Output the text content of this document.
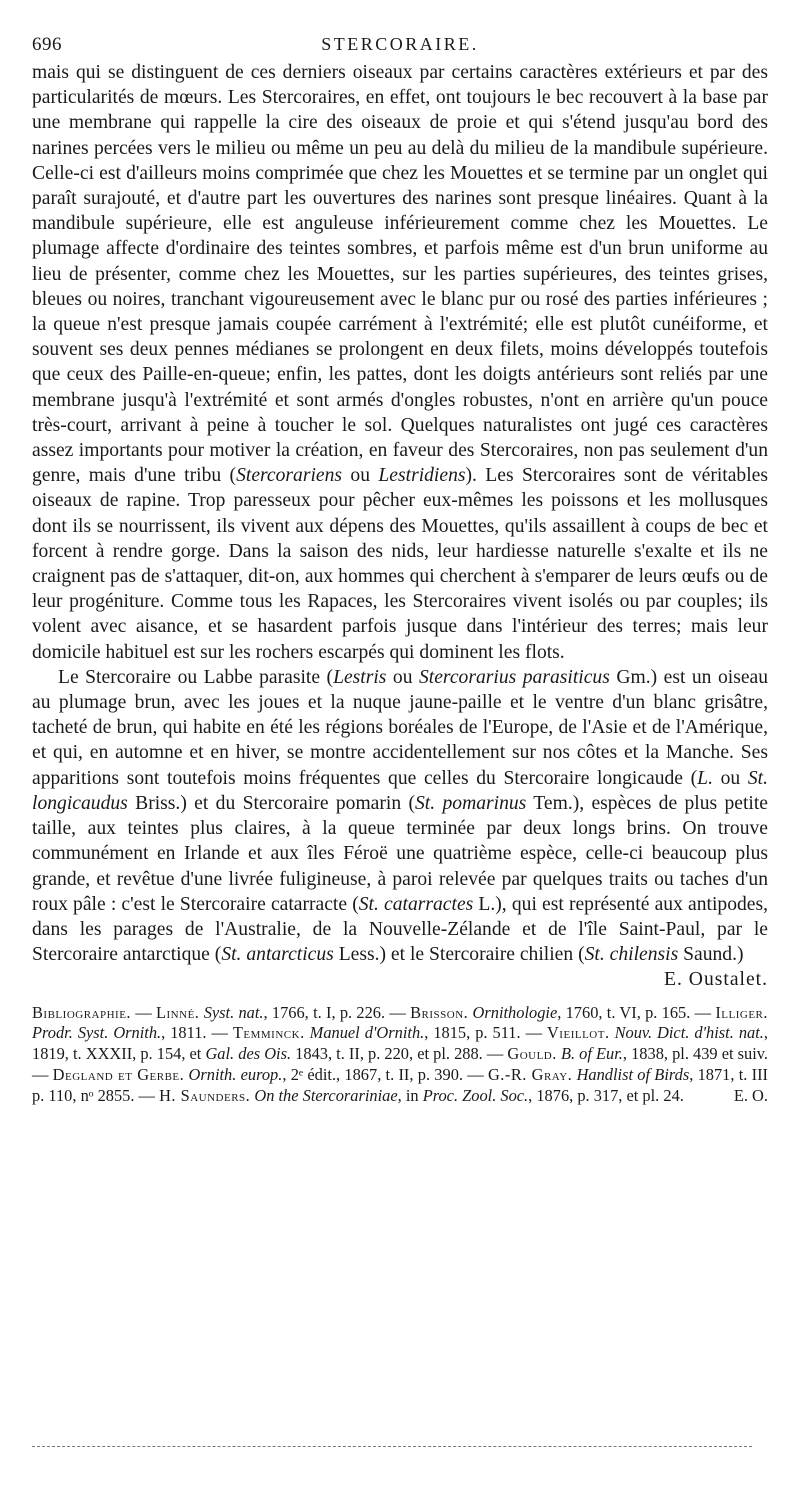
696	STERCORAIRE.

mais qui se distinguent de ces derniers oiseaux par certains caractères extérieurs et par des particularités de mœurs. Les Stercoraires, en effet, ont toujours le bec recouvert à la base par une membrane qui rappelle la cire des oiseaux de proie et qui s'étend jusqu'au bord des narines percées vers le milieu ou même un peu au delà du milieu de la mandibule supérieure. Celle-ci est d'ailleurs moins comprimée que chez les Mouettes et se termine par un onglet qui paraît surajouté, et d'autre part les ouvertures des narines sont presque linéaires. Quant à la mandibule supérieure, elle est anguleuse inférieurement comme chez les Mouettes. Le plumage affecte d'ordinaire des teintes sombres, et parfois même est d'un brun uniforme au lieu de présenter, comme chez les Mouettes, sur les parties supérieures, des teintes grises, bleues ou noires, tranchant vigoureusement avec le blanc pur ou rosé des parties inférieures ; la queue n'est presque jamais coupée carrément à l'extrémité; elle est plutôt cunéiforme, et souvent ses deux pennes médianes se prolongent en deux filets, moins développés toutefois que ceux des Paille-en-queue; enfin, les pattes, dont les doigts antérieurs sont reliés par une membrane jusqu'à l'extrémité et sont armés d'ongles robustes, n'ont en arrière qu'un pouce très-court, arrivant à peine à toucher le sol. Quelques naturalistes ont jugé ces caractères assez importants pour motiver la création, en faveur des Stercoraires, non pas seulement d'un genre, mais d'une tribu (Stercorariens ou Lestridiens). Les Stercoraires sont de véritables oiseaux de rapine. Trop paresseux pour pêcher eux-mêmes les poissons et les mollusques dont ils se nourrissent, ils vivent aux dépens des Mouettes, qu'ils assaillent à coups de bec et forcent à rendre gorge. Dans la saison des nids, leur hardiesse naturelle s'exalte et ils ne craignent pas de s'attaquer, dit-on, aux hommes qui cherchent à s'emparer de leurs œufs ou de leur progéniture. Comme tous les Rapaces, les Stercoraires vivent isolés ou par couples; ils volent avec aisance, et se hasardent parfois jusque dans l'intérieur des terres; mais leur domicile habituel est sur les rochers escarpés qui dominent les flots.

Le Stercoraire ou Labbe parasite (Lestris ou Stercorarius parasiticus Gm.) est un oiseau au plumage brun, avec les joues et la nuque jaune-paille et le ventre d'un blanc grisâtre, tacheté de brun, qui habite en été les régions boréales de l'Europe, de l'Asie et de l'Amérique, et qui, en automne et en hiver, se montre accidentellement sur nos côtes et la Manche. Ses apparitions sont toutefois moins fréquentes que celles du Stercoraire longicaude (L. ou St. longicaudus Briss.) et du Stercoraire pomarin (St. pomarinus Tem.), espèces de plus petite taille, aux teintes plus claires, à la queue terminée par deux longs brins. On trouve communément en Irlande et aux îles Féroë une quatrième espèce, celle-ci beaucoup plus grande, et revêtue d'une livrée fuligineuse, à paroi relevée par quelques traits ou taches d'un roux pâle : c'est le Stercoraire catarracte (St. catarractes L.), qui est représenté aux antipodes, dans les parages de l'Australie, de la Nouvelle-Zélande et de l'île Saint-Paul, par le Stercoraire antarctique (St. antarcticus Less.) et le Stercoraire chilien (St. chilensis Saund.)

E. Oustalet.
Bibliographie. — Linné. Syst. nat., 1766, t. I, p. 226. — Brisson. Ornithologie, 1760, t. VI, p. 165. — Illiger. Prodr. Syst. Ornith., 1811. — Temminck. Manuel d'Ornith., 1815, p. 511. — Vieillot. Nouv. Dict. d'hist. nat., 1819, t. XXXII, p. 154, et Gal. des Ois. 1843, t. II, p. 220, et pl. 288. — Gould. B. of Eur., 1838, pl. 439 et suiv. — Degland et Gerbe. Ornith. europ., 2ᵉ édit., 1867, t. II, p. 390. — G.-R. Gray. Handlist of Birds, 1871, t. III p. 110, nᵒ 2855. — H. Saunders. On the Stercorariniae, in Proc. Zool. Soc., 1876, p. 317, et pl. 24.	E. O.
